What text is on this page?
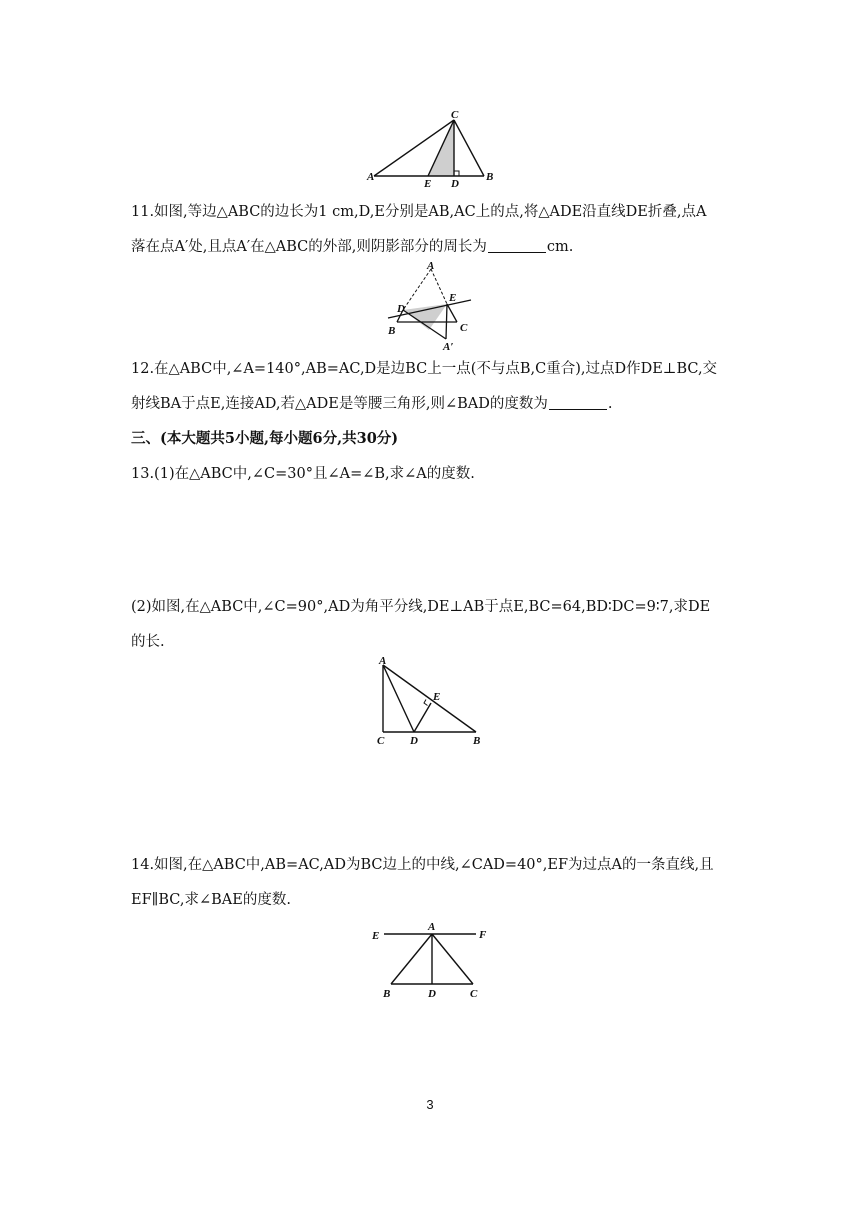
A	B
C
D
E
11.如图,等边△ABC的边长为1 cm,D,E分别是AB,AC上的点,将△ADE沿直线DE折叠,点A
落在点A′处,且点A′在△ABC的外部,则阴影部分的周长为	cm.
A
D
E
B	C
A′
12.在△ABC中,∠A=140°,AB=AC,D是边BC上一点(不与点B,C重合),过点D作DE⊥BC,交
射线BA于点E,连接AD,若△ADE是等腰三角形,则∠BAD的度数为	.
三、(本大题共5小题,每小题6分,共30分)
13.(1)在△ABC中,∠C=30°且∠A=∠B,求∠A的度数.
(2)如图,在△ABC中,∠C=90°,AD为角平分线,DE⊥AB于点E,BC=64,BD∶DC=9∶7,求DE
的长.
A
E
C D	B
14.如图,在△ABC中,AB=AC,AD为BC边上的中线,∠CAD=40°,EF为过点A的一条直线,且
EF∥BC,求∠BAE的度数.
E
A
F
B	D	C
3
